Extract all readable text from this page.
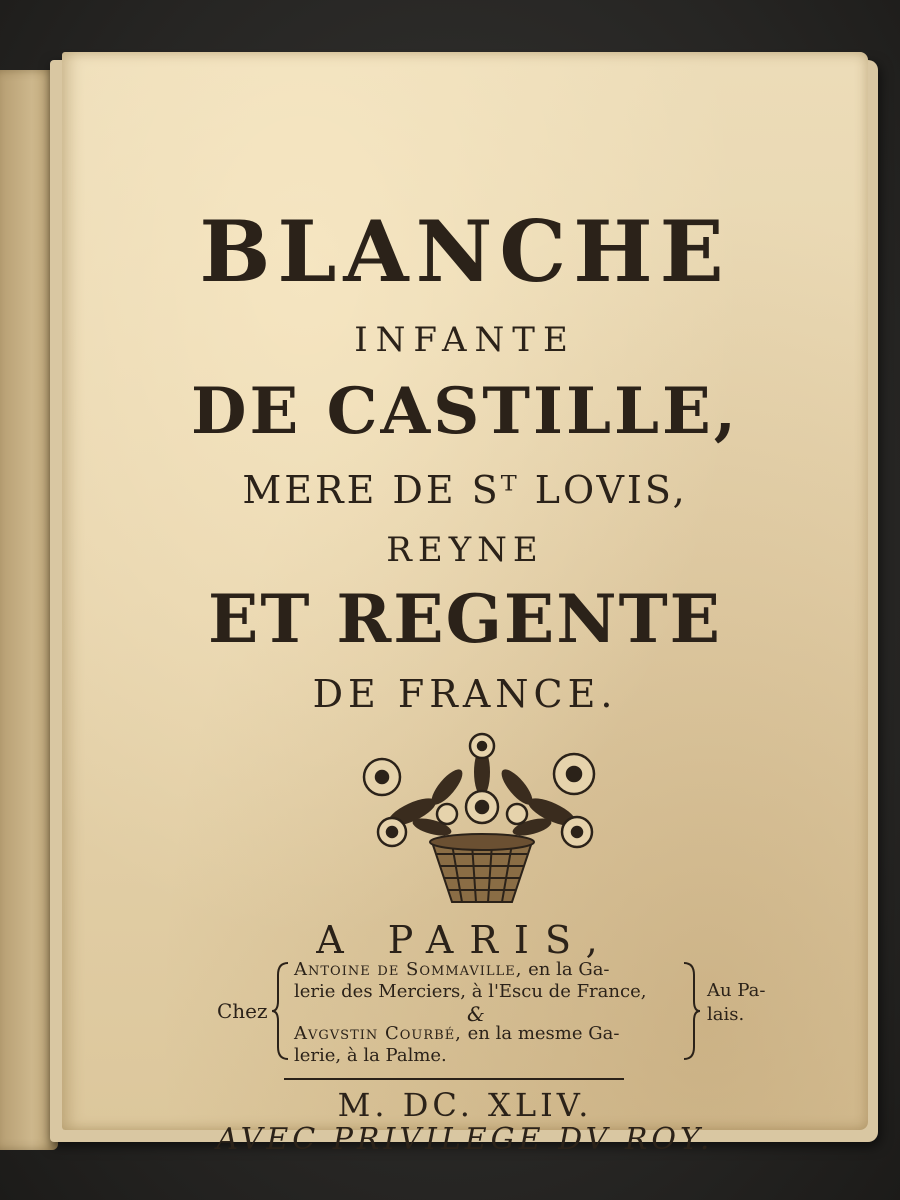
BLANCHE
INFANTE
DE CASTILLE,
MERE DE Sᵀ LOVIS,
REYNE
ET REGENTE
DE FRANCE.
A PARIS,
Chez
Antoine de Sommaville, en la Ga-
lerie des Merciers, à l'Escu de France,
&
Avgvstin Courbé, en la mesme Ga-
lerie, à la Palme.
Au Pa-
lais.
M. DC. XLIV.
AVEC PRIVILEGE DV ROY.
